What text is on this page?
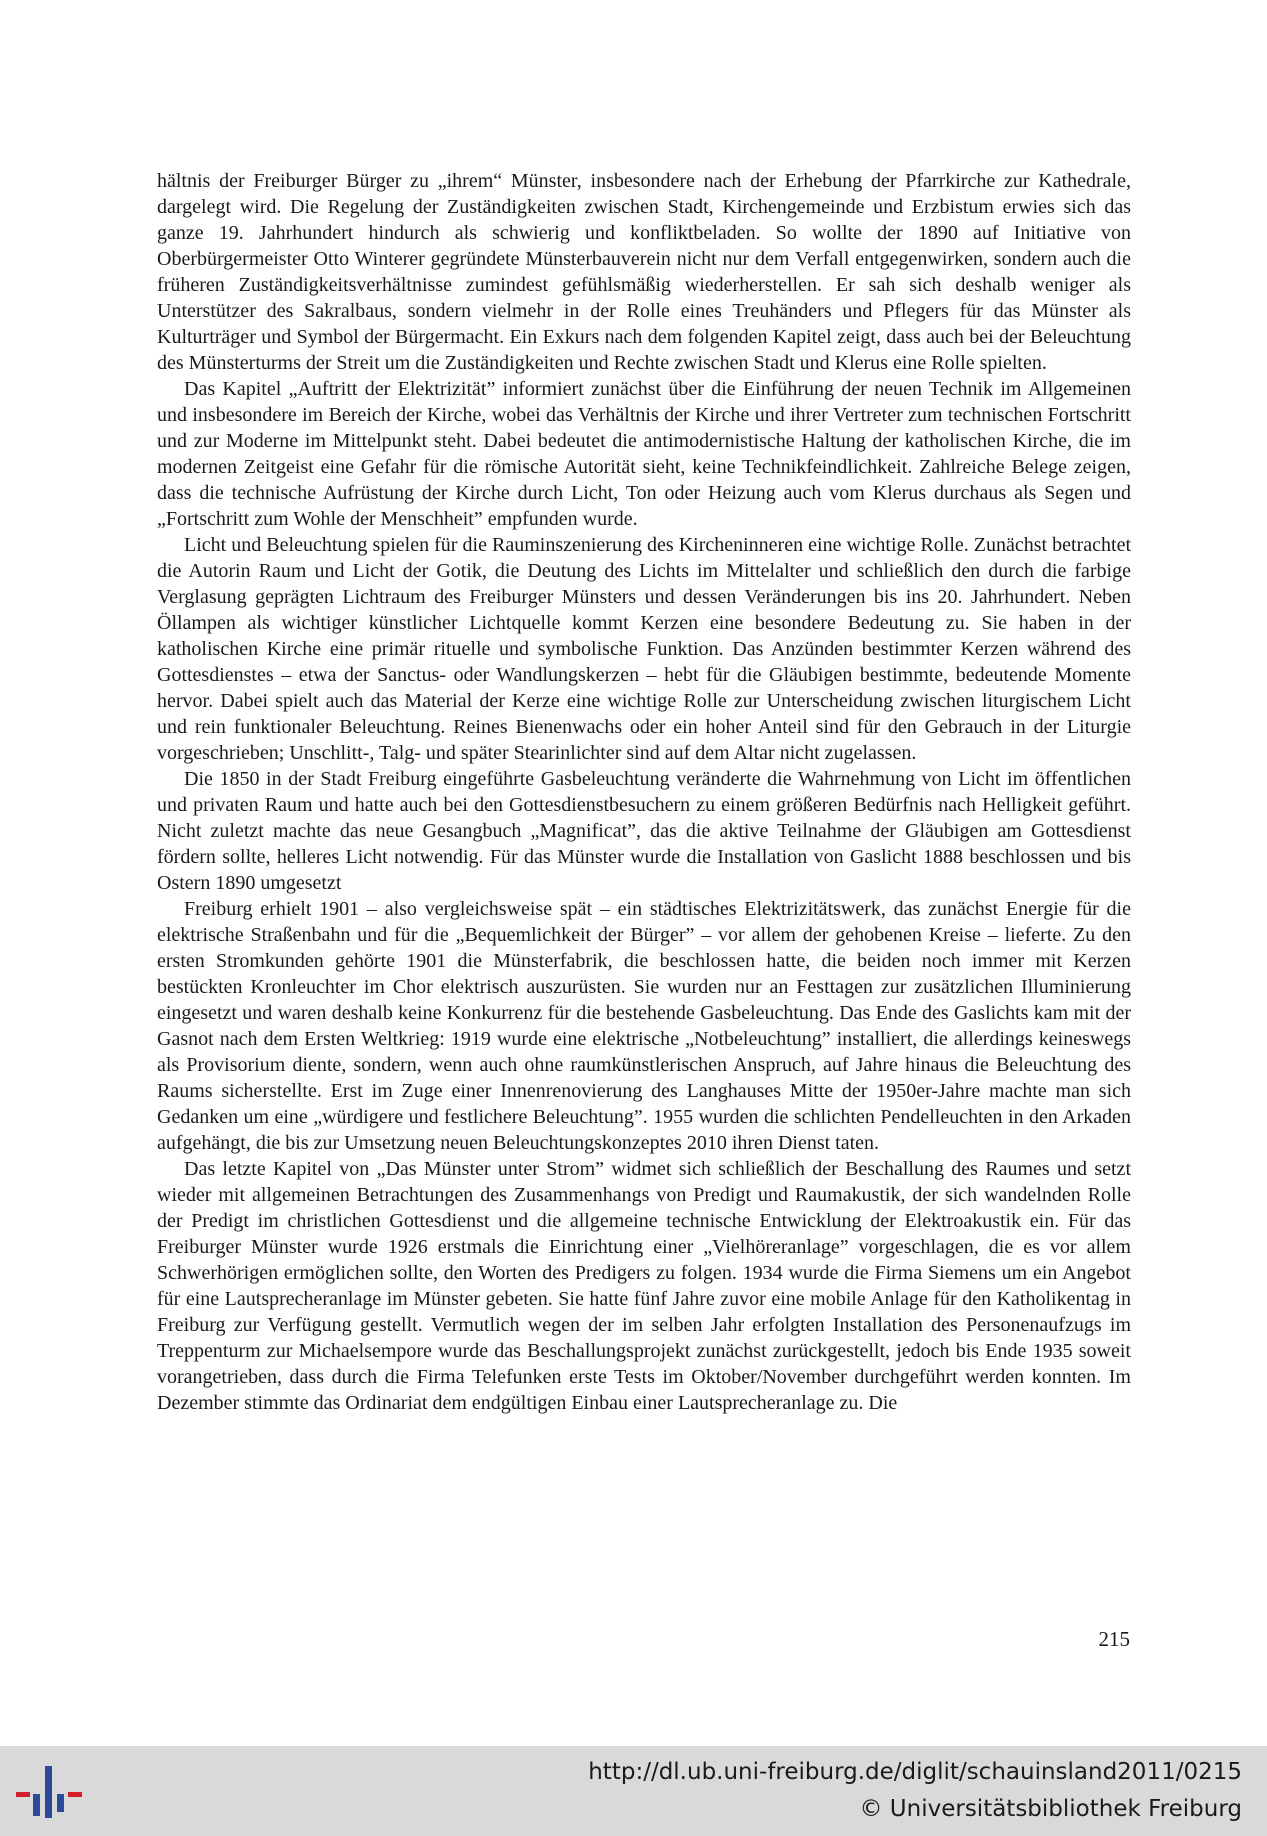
hältnis der Freiburger Bürger zu „ihrem“ Münster, insbesondere nach der Erhebung der Pfarrkirche zur Kathedrale, dargelegt wird. Die Regelung der Zuständigkeiten zwischen Stadt, Kirchengemeinde und Erzbistum erwies sich das ganze 19. Jahrhundert hindurch als schwierig und konfliktbeladen. So wollte der 1890 auf Initiative von Oberbürgermeister Otto Winterer gegründete Münsterbauverein nicht nur dem Verfall entgegenwirken, sondern auch die früheren Zuständigkeitsverhältnisse zumindest gefühlsmäßig wiederherstellen. Er sah sich deshalb weniger als Unterstützer des Sakralbaus, sondern vielmehr in der Rolle eines Treuhänders und Pflegers für das Münster als Kulturträger und Symbol der Bürgermacht. Ein Exkurs nach dem folgenden Kapitel zeigt, dass auch bei der Beleuchtung des Münsterturms der Streit um die Zuständigkeiten und Rechte zwischen Stadt und Klerus eine Rolle spielten.

Das Kapitel „Auftritt der Elektrizität” informiert zunächst über die Einführung der neuen Technik im Allgemeinen und insbesondere im Bereich der Kirche, wobei das Verhältnis der Kirche und ihrer Vertreter zum technischen Fortschritt und zur Moderne im Mittelpunkt steht. Dabei bedeutet die antimodernistische Haltung der katholischen Kirche, die im modernen Zeitgeist eine Gefahr für die römische Autorität sieht, keine Technikfeindlichkeit. Zahlreiche Belege zeigen, dass die technische Aufrüstung der Kirche durch Licht, Ton oder Heizung auch vom Klerus durchaus als Segen und „Fortschritt zum Wohle der Menschheit” empfunden wurde.

Licht und Beleuchtung spielen für die Rauminszenierung des Kircheninneren eine wichtige Rolle. Zunächst betrachtet die Autorin Raum und Licht der Gotik, die Deutung des Lichts im Mittelalter und schließlich den durch die farbige Verglasung geprägten Lichtraum des Freiburger Münsters und dessen Veränderungen bis ins 20. Jahrhundert. Neben Öllampen als wichtiger künstlicher Lichtquelle kommt Kerzen eine besondere Bedeutung zu. Sie haben in der katholischen Kirche eine primär rituelle und symbolische Funktion. Das Anzünden bestimmter Kerzen während des Gottesdienstes – etwa der Sanctus- oder Wandlungskerzen – hebt für die Gläubigen bestimmte, bedeutende Momente hervor. Dabei spielt auch das Material der Kerze eine wichtige Rolle zur Unterscheidung zwischen liturgischem Licht und rein funktionaler Beleuchtung. Reines Bienenwachs oder ein hoher Anteil sind für den Gebrauch in der Liturgie vorgeschrieben; Unschlitt-, Talg- und später Stearinlichter sind auf dem Altar nicht zugelassen.

Die 1850 in der Stadt Freiburg eingeführte Gasbeleuchtung veränderte die Wahrnehmung von Licht im öffentlichen und privaten Raum und hatte auch bei den Gottesdienstbesuchern zu einem größeren Bedürfnis nach Helligkeit geführt. Nicht zuletzt machte das neue Gesangbuch „Magnificat”, das die aktive Teilnahme der Gläubigen am Gottesdienst fördern sollte, helleres Licht notwendig. Für das Münster wurde die Installation von Gaslicht 1888 beschlossen und bis Ostern 1890 umgesetzt

Freiburg erhielt 1901 – also vergleichsweise spät – ein städtisches Elektrizitätswerk, das zunächst Energie für die elektrische Straßenbahn und für die „Bequemlichkeit der Bürger” – vor allem der gehobenen Kreise – lieferte. Zu den ersten Stromkunden gehörte 1901 die Münsterfabrik, die beschlossen hatte, die beiden noch immer mit Kerzen bestückten Kronleuchter im Chor elektrisch auszurüsten. Sie wurden nur an Festtagen zur zusätzlichen Illuminierung eingesetzt und waren deshalb keine Konkurrenz für die bestehende Gasbeleuchtung. Das Ende des Gaslichts kam mit der Gasnot nach dem Ersten Weltkrieg: 1919 wurde eine elektrische „Notbeleuchtung” installiert, die allerdings keineswegs als Provisorium diente, sondern, wenn auch ohne raumkünstlerischen Anspruch, auf Jahre hinaus die Beleuchtung des Raums sicherstellte. Erst im Zuge einer Innenrenovierung des Langhauses Mitte der 1950er-Jahre machte man sich Gedanken um eine „würdigere und festlichere Beleuchtung”. 1955 wurden die schlichten Pendelleuchten in den Arkaden aufgehängt, die bis zur Umsetzung neuen Beleuchtungskonzeptes 2010 ihren Dienst taten.

Das letzte Kapitel von „Das Münster unter Strom” widmet sich schließlich der Beschallung des Raumes und setzt wieder mit allgemeinen Betrachtungen des Zusammenhangs von Predigt und Raumakustik, der sich wandelnden Rolle der Predigt im christlichen Gottesdienst und die allgemeine technische Entwicklung der Elektroakustik ein. Für das Freiburger Münster wurde 1926 erstmals die Einrichtung einer „Vielhöreranlage” vorgeschlagen, die es vor allem Schwerhörigen ermöglichen sollte, den Worten des Predigers zu folgen. 1934 wurde die Firma Siemens um ein Angebot für eine Lautsprecheranlage im Münster gebeten. Sie hatte fünf Jahre zuvor eine mobile Anlage für den Katholikentag in Freiburg zur Verfügung gestellt. Vermutlich wegen der im selben Jahr erfolgten Installation des Personenaufzugs im Treppenturm zur Michaelsempore wurde das Beschallungsprojekt zunächst zurückgestellt, jedoch bis Ende 1935 soweit vorangetrieben, dass durch die Firma Telefunken erste Tests im Oktober/November durchgeführt werden konnten. Im Dezember stimmte das Ordinariat dem endgültigen Einbau einer Lautsprecheranlage zu. Die

215
http://dl.ub.uni-freiburg.de/diglit/schauinsland2011/0215
© Universitätsbibliothek Freiburg
